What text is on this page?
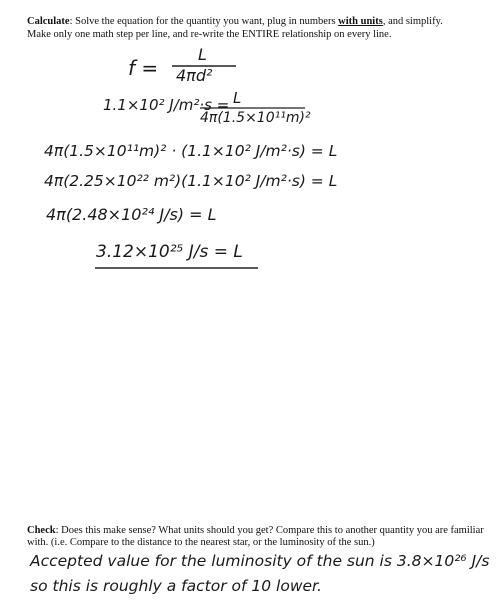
Calculate: Solve the equation for the quantity you want, plug in numbers with units, and simplify.
Make only one math step per line, and re-write the ENTIRE relationship on every line.
f =
L
4πd²
1.1×10² J/m²·s = L
4π(1.5×10¹¹m)²
4π(1.5×10¹¹m)² · (1.1×10² J/m²·s) = L
4π(2.25×10²² m²)(1.1×10² J/m²·s) = L
4π(2.48×10²⁴ J/s) = L
3.12×10²⁵ J/s = L
Check: Does this make sense? What units should you get? Compare this to another quantity you are familiar
with. (i.e. Compare to the distance to the nearest star, or the luminosity of the sun.)
Accepted value for the luminosity of the sun is 3.8×10²⁶ J/s
so this is roughly a factor of 10 lower.
